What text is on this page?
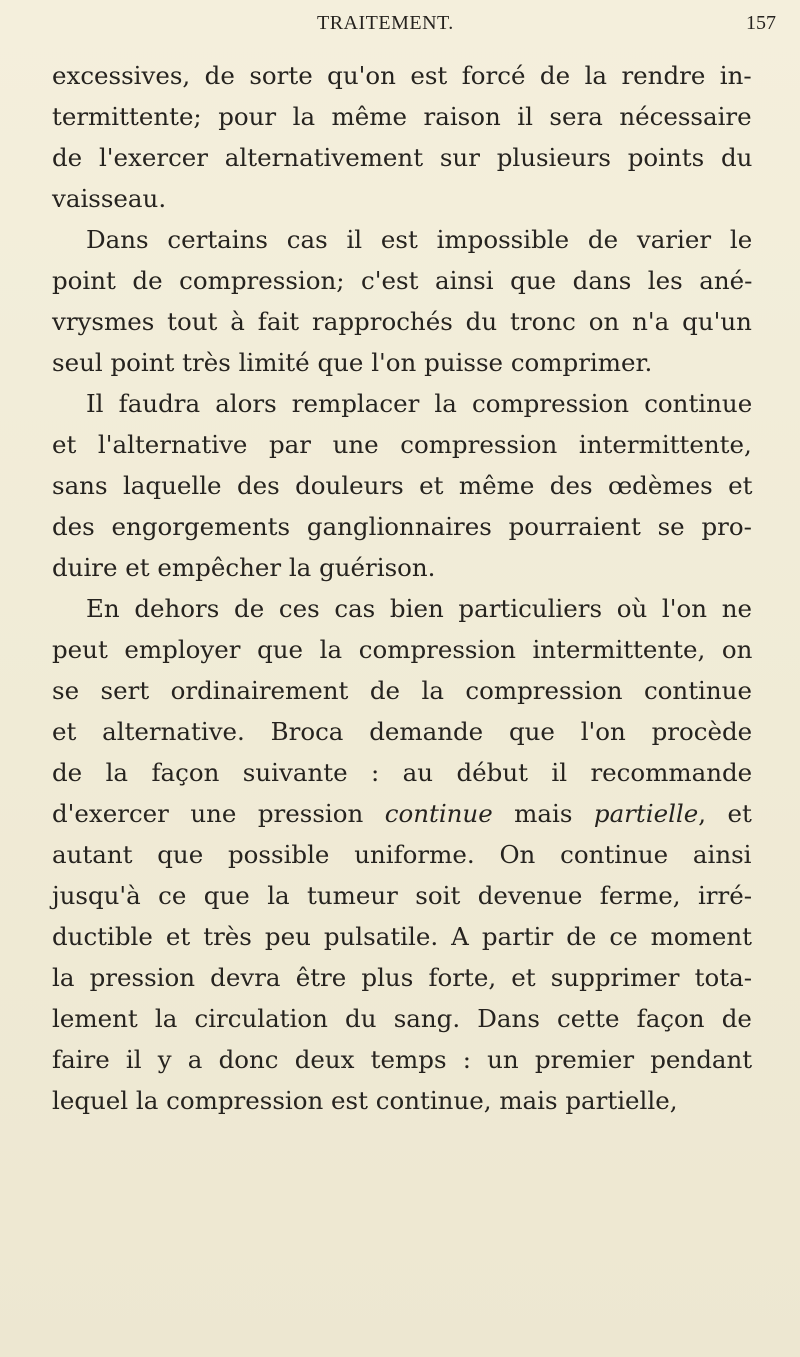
TRAITEMENT.	157
excessives, de sorte qu'on est forcé de la rendre in-
termittente; pour la même raison il sera nécessaire
de l'exercer alternativement sur plusieurs points du
vaisseau.
Dans certains cas il est impossible de varier le
point de compression; c'est ainsi que dans les ané-
vrysmes tout à fait rapprochés du tronc on n'a qu'un
seul point très limité que l'on puisse comprimer.
Il faudra alors remplacer la compression continue
et l'alternative par une compression intermittente,
sans laquelle des douleurs et même des œdèmes et
des engorgements ganglionnaires pourraient se pro-
duire et empêcher la guérison.
En dehors de ces cas bien particuliers où l'on ne
peut employer que la compression intermittente, on
se sert ordinairement de la compression continue
et alternative. Broca demande que l'on procède
de la façon suivante : au début il recommande
d'exercer une pression continue mais partielle, et
autant que possible uniforme. On continue ainsi
jusqu'à ce que la tumeur soit devenue ferme, irré-
ductible et très peu pulsatile. A partir de ce moment
la pression devra être plus forte, et supprimer tota-
lement la circulation du sang. Dans cette façon de
faire il y a donc deux temps : un premier pendant
lequel la compression est continue, mais partielle,
